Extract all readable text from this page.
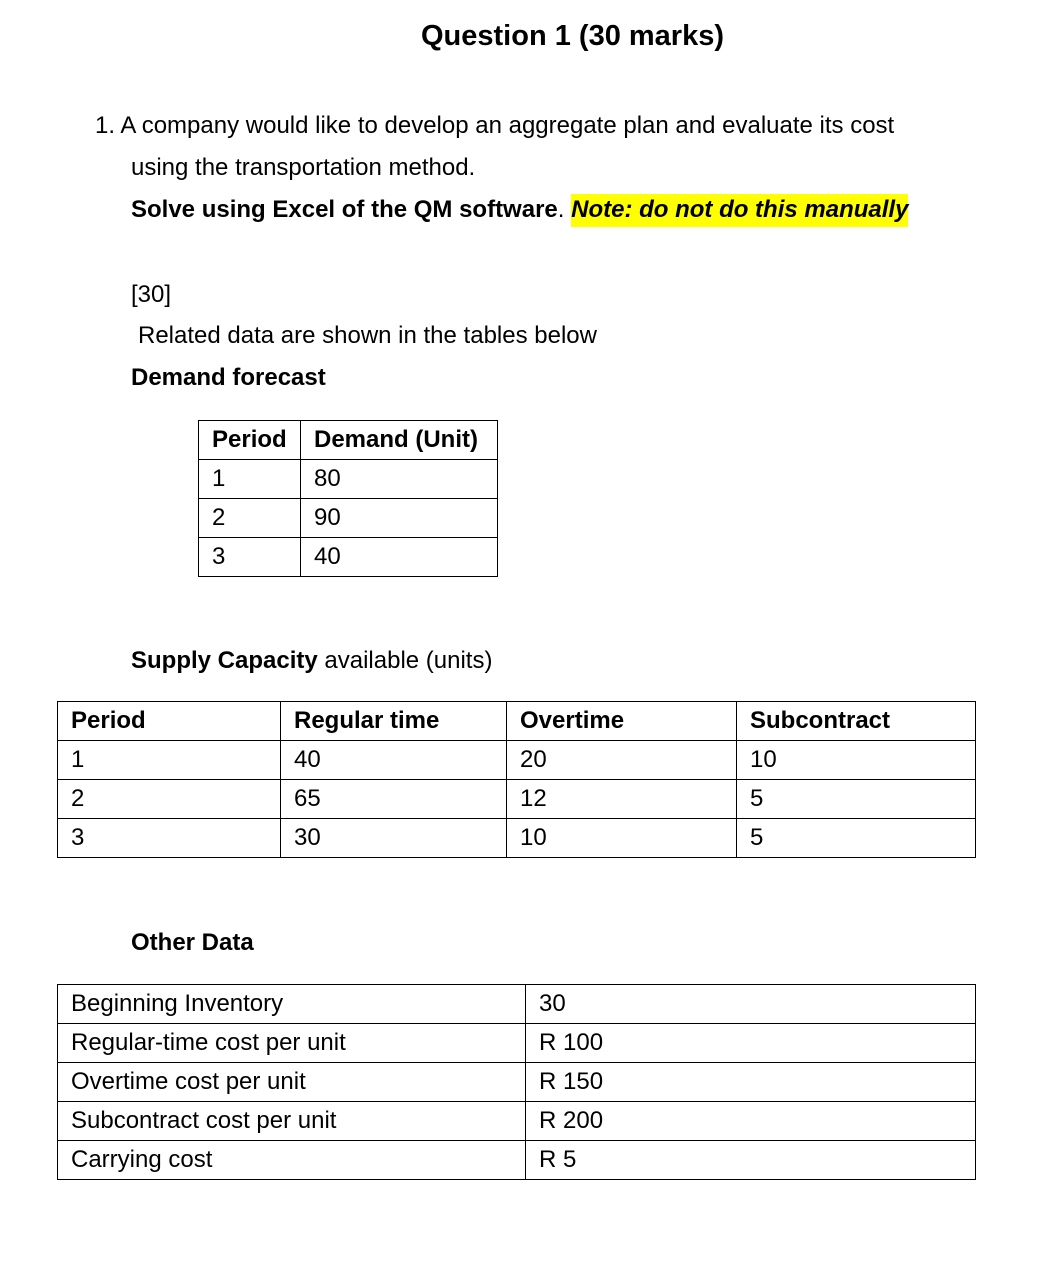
Question 1 (30 marks)
1. A company would like to develop an aggregate plan and evaluate its cost
using the transportation method.
Solve using Excel of the QM software. Note: do not do this manually
[30]
Related data are shown in the tables below
Demand forecast
Period	Demand (Unit)
1	80
2	90
3	40
Supply Capacity available (units)
Period	Regular time	Overtime	Subcontract
1	40	20	10
2	65	12	5
3	30	10	5
Other Data
Beginning Inventory	30
Regular-time cost per unit	R 100
Overtime cost per unit	R 150
Subcontract cost per unit	R 200
Carrying cost	R 5
